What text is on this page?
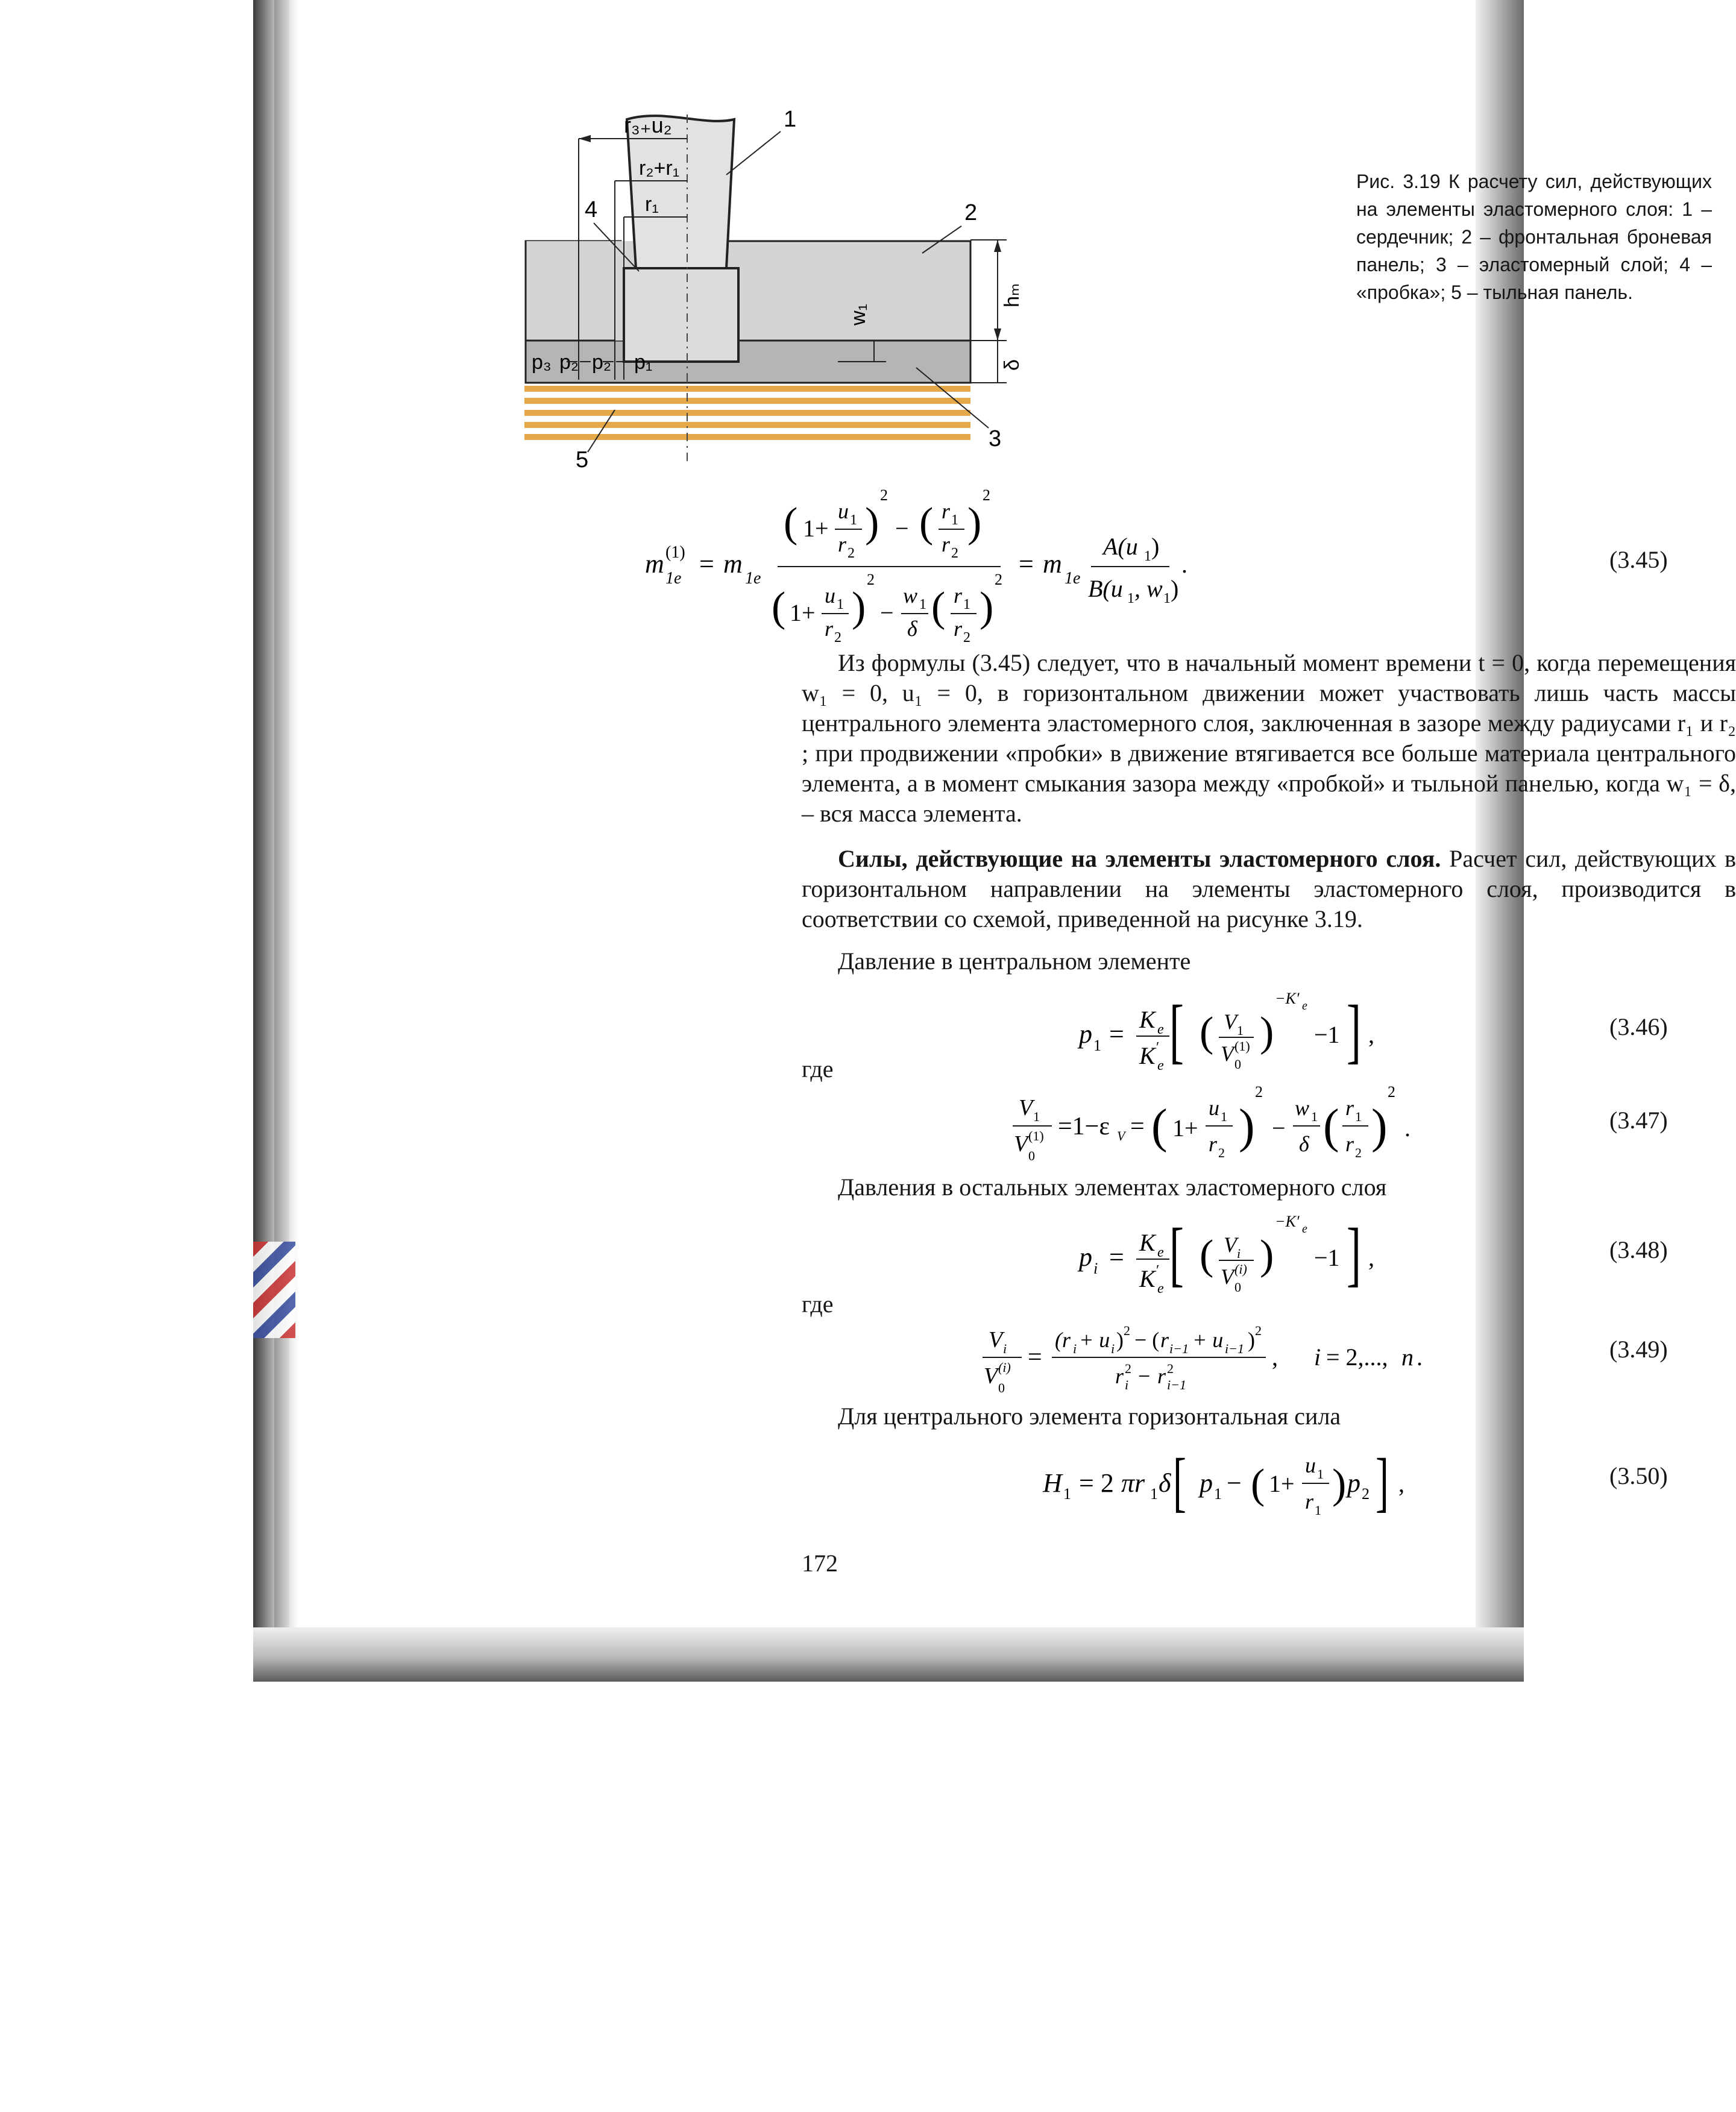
r₃₊u₂
r₂+r₁
r₁
1
2
3
4
5
w₁
hₘ
δ
p₃ p₂ p₂ p₁
Рис. 3.19 К расчету сил, действующих на элементы эластомерного слоя: 1 – сердечник; 2 – фронтальная броневая панель; 3 – эластомерный слой; 4 – «пробка»; 5 – тыльная панель.
m (1)
1e = m 1e
( 1+
u 1
r 2
)
2
− ( r 1
r 2
)
2
( 1+
u 1
r 2
)
2
−
w 1
δ ( r 1
r 2
)
2
= m 1e
A(u 1 )
B(u 1 , w 1 )
.	(3.45)
Из формулы (3.45) следует, что в начальный момент времени t = 0, когда перемещения w₁ = 0, u₁ = 0, в горизонтальном движении может участвовать лишь часть массы центрального элемента эластомерного слоя, заключенная в зазоре между радиусами r₁ и r₂ ; при продвижении «пробки» в движение втягивается все больше материала центрального элемента, а в момент смыкания зазора между «пробкой» и тыльной панелью, когда w₁ = δ, – вся масса элемента.
Силы, действующие на элементы эластомерного слоя. Расчет сил, действующих в горизонтальном направлении на элементы эластомерного слоя, производится в соответствии со схемой, приведенной на рисунке 3.19.
Давление в центральном элементе
p 1 = K e
K ′
e [ ( V 1
V (1)
0
)
−K′ e
−1 ] ,	(3.46)
где
V 1
V (1)
0
=1−ε V = ( 1+
u 1
r 2 )
2
−
w 1
δ ( r 1
r 2 )
2
.	(3.47)
Давления в остальных элементах эластомерного слоя
p i = K e
K ′
e [ ( V i
V (i)
0
)
−K′ e
−1 ] ,	(3.48)
где
V i
V (i)
0
=
(r i + u i ) 2 − ( r i−1 + u i−1 ) 2
r 2
i − r 2
i−1
, i = 2,..., n .	(3.49)
Для центрального элемента горизонтальная сила
H 1 = 2 πr 1 δ [ p 1 − ( 1+
u 1
r 1
) p 2 ] ,	(3.50)
172
